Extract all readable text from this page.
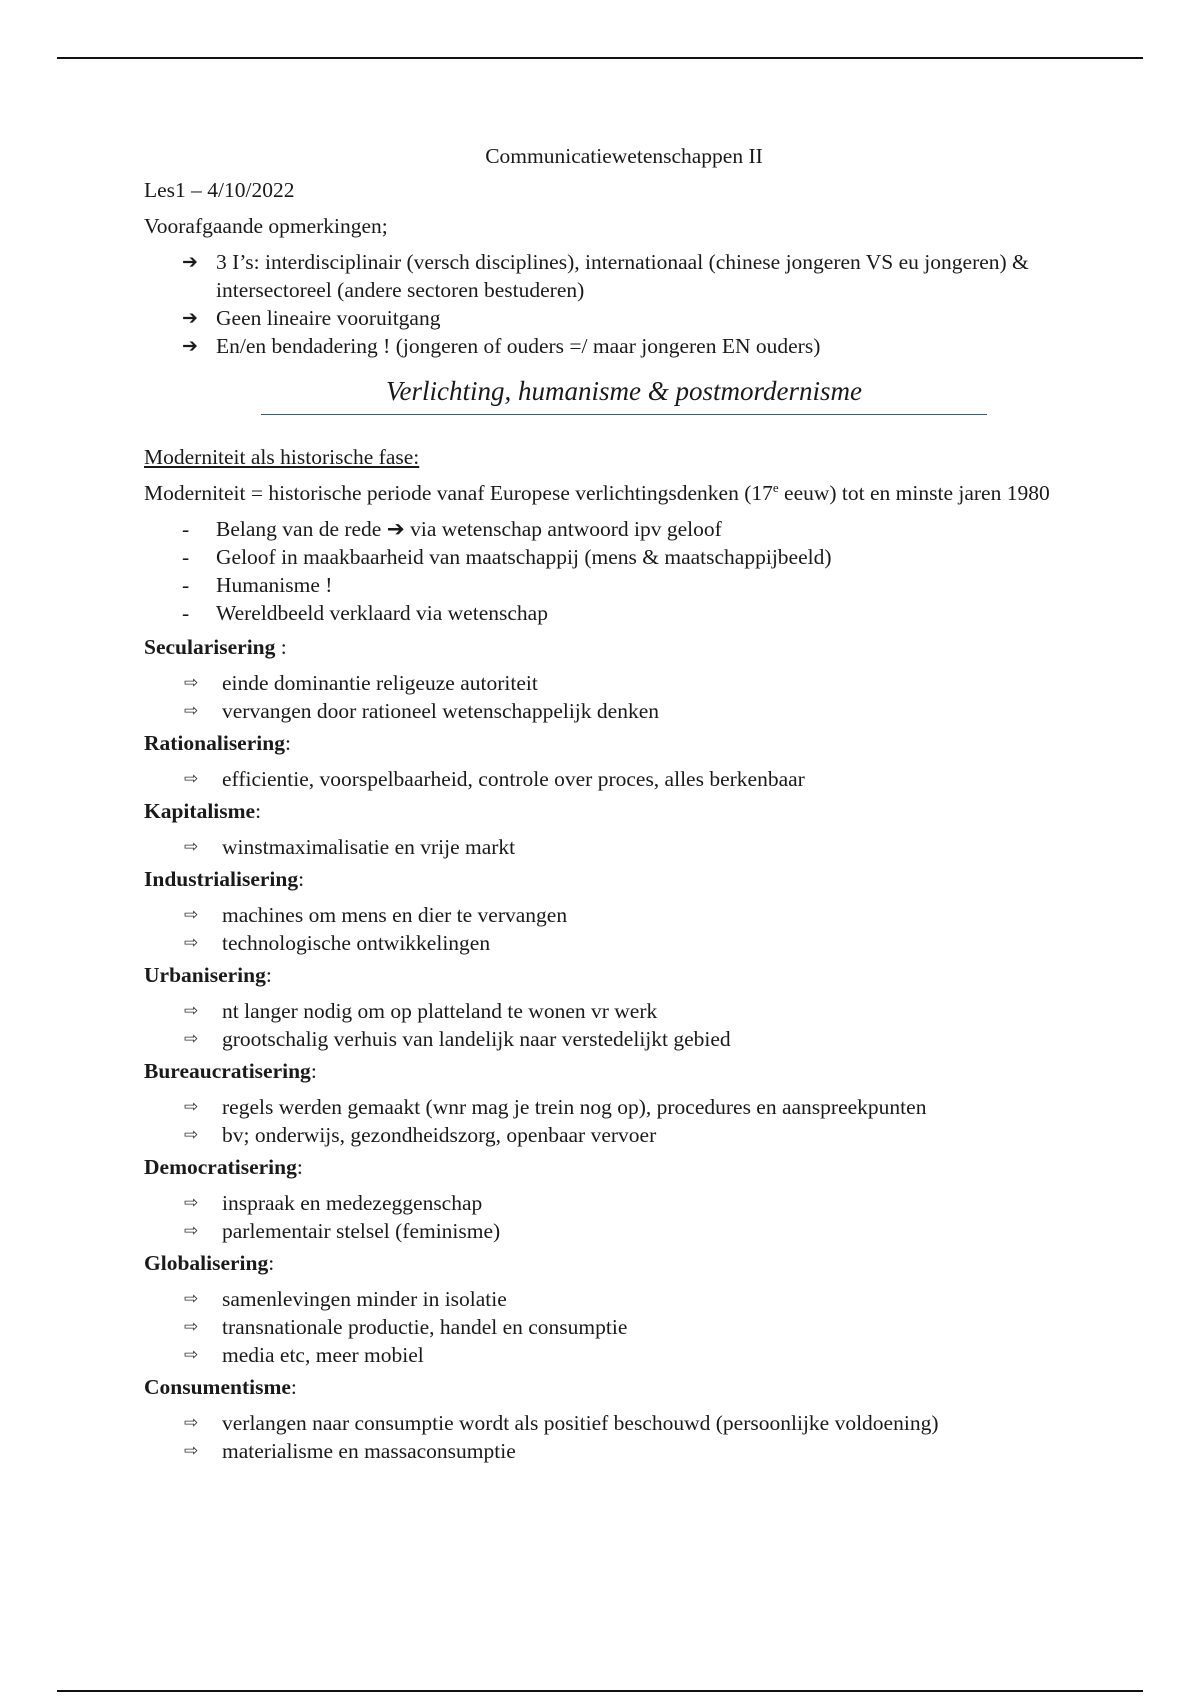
Communicatiewetenschappen II

Les1 – 4/10/2022

Voorafgaande opmerkingen;

➔ 3 I’s: interdisciplinair (versch disciplines), internationaal (chinese jongeren VS eu jongeren) & intersectoreel (andere sectoren bestuderen)
➔ Geen lineaire vooruitgang
➔ En/en bendadering ! (jongeren of ouders =/ maar jongeren EN ouders)

Verlichting, humanisme & postmordernisme

Moderniteit als historische fase:

Moderniteit = historische periode vanaf Europese verlichtingsdenken (17e eeuw) tot en minste jaren 1980

- Belang van de rede ➔ via wetenschap antwoord ipv geloof
- Geloof in maakbaarheid van maatschappij (mens & maatschappijbeeld)
- Humanisme !
- Wereldbeeld verklaard via wetenschap

Secularisering :

⇨ einde dominantie religeuze autoriteit
⇨ vervangen door rationeel wetenschappelijk denken

Rationalisering:

⇨ efficientie, voorspelbaarheid, controle over proces, alles berkenbaar

Kapitalisme:

⇨ winstmaximalisatie en vrije markt

Industrialisering:

⇨ machines om mens en dier te vervangen
⇨ technologische ontwikkelingen

Urbanisering:

⇨ nt langer nodig om op platteland te wonen vr werk
⇨ grootschalig verhuis van landelijk naar verstedelijkt gebied

Bureaucratisering:

⇨ regels werden gemaakt (wnr mag je trein nog op), procedures en aanspreekpunten
⇨ bv; onderwijs, gezondheidszorg, openbaar vervoer

Democratisering:

⇨ inspraak en medezeggenschap
⇨ parlementair stelsel (feminisme)

Globalisering:

⇨ samenlevingen minder in isolatie
⇨ transnationale productie, handel en consumptie
⇨ media etc, meer mobiel

Consumentisme:

⇨ verlangen naar consumptie wordt als positief beschouwd (persoonlijke voldoening)
⇨ materialisme en massaconsumptie
